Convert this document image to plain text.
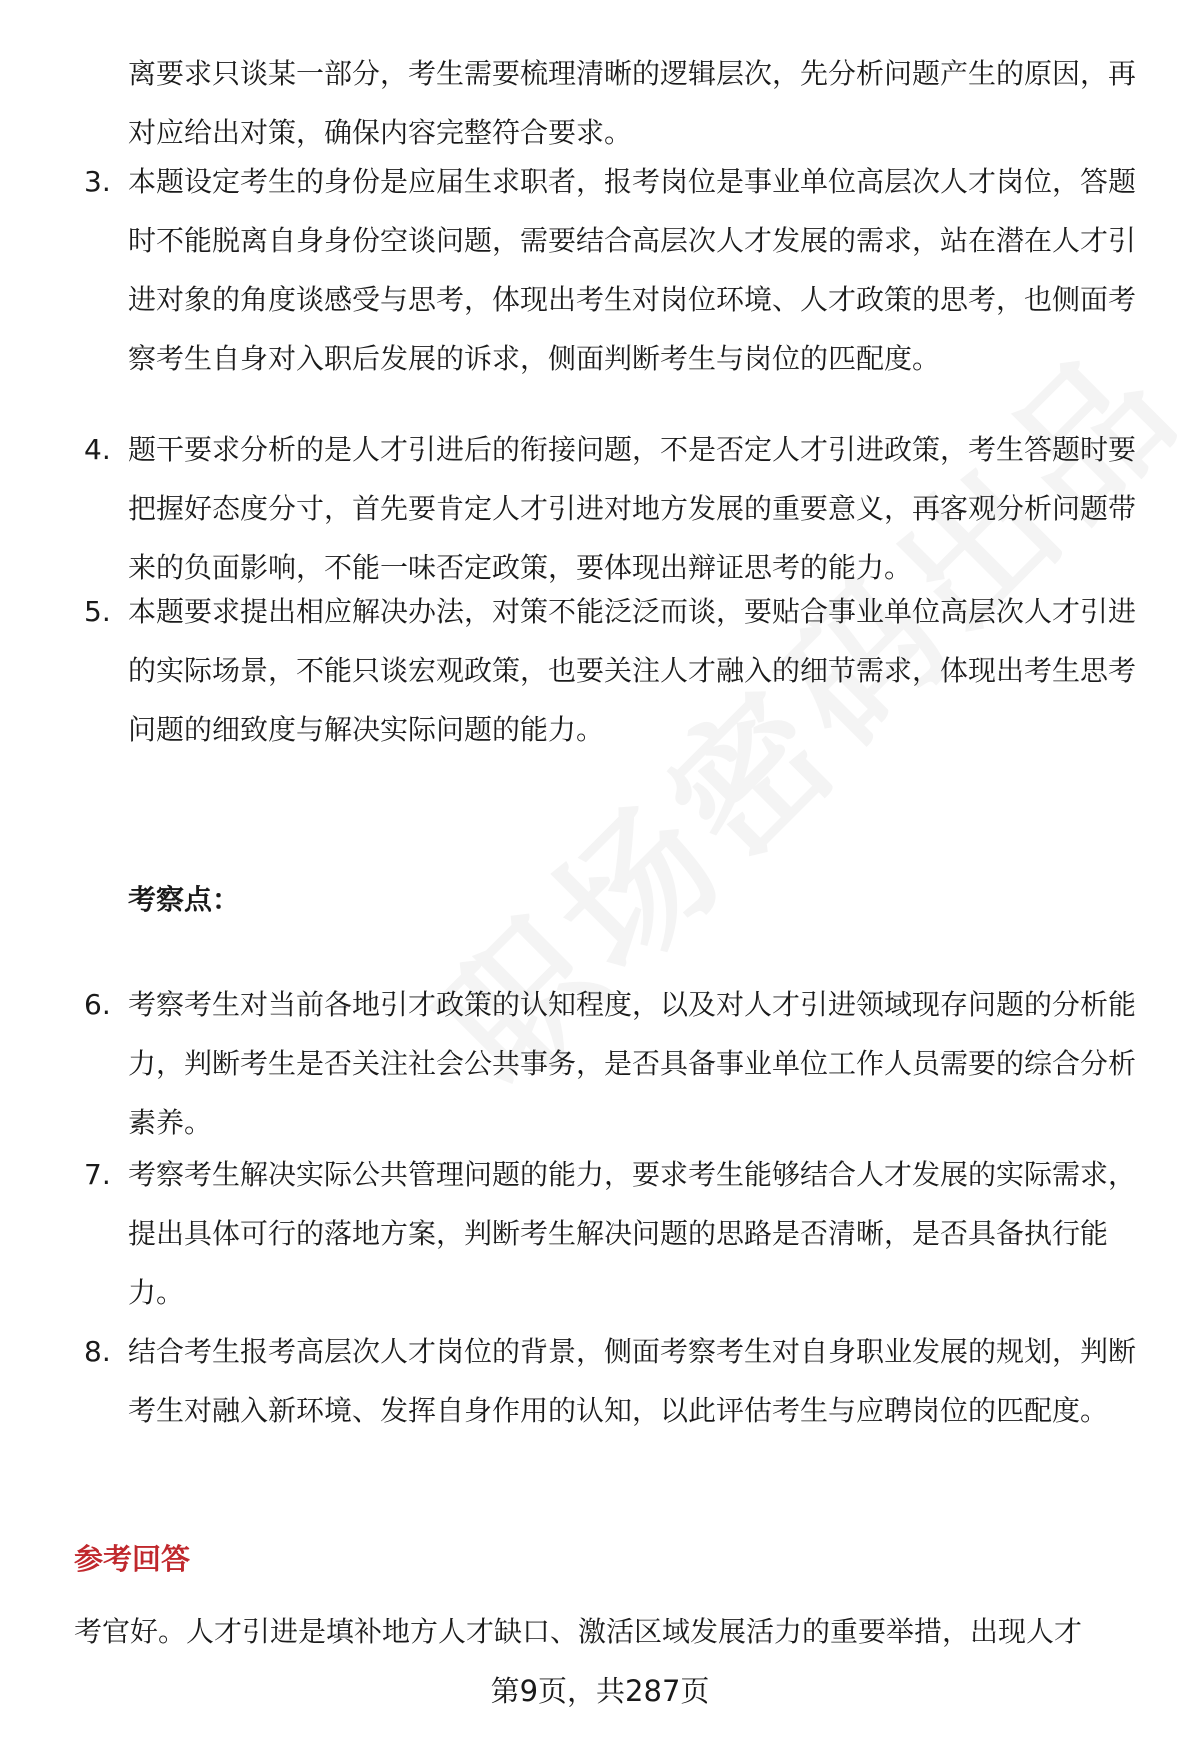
离要求只谈某一部分，考生需要梳理清晰的逻辑层次，先分析问题产生的原因，再对应给出对策，确保内容完整符合要求。

3. 本题设定考生的身份是应届生求职者，报考岗位是事业单位高层次人才岗位，答题时不能脱离自身身份空谈问题，需要结合高层次人才发展的需求，站在潜在人才引进对象的角度谈感受与思考，体现出考生对岗位环境、人才政策的思考，也侧面考察考生自身对入职后发展的诉求，侧面判断考生与岗位的匹配度。
4. 题干要求分析的是人才引进后的衔接问题，不是否定人才引进政策，考生答题时要把握好态度分寸，首先要肯定人才引进对地方发展的重要意义，再客观分析问题带来的负面影响，不能一味否定政策，要体现出辩证思考的能力。
5. 本题要求提出相应解决办法，对策不能泛泛而谈，要贴合事业单位高层次人才引进的实际场景，不能只谈宏观政策，也要关注人才融入的细节需求，体现出考生思考问题的细致度与解决实际问题的能力。
考察点：
6. 考察考生对当前各地引才政策的认知程度，以及对人才引进领域现存问题的分析能力，判断考生是否关注社会公共事务，是否具备事业单位工作人员需要的综合分析素养。
7. 考察考生解决实际公共管理问题的能力，要求考生能够结合人才发展的实际需求，提出具体可行的落地方案，判断考生解决问题的思路是否清晰，是否具备执行能力。
8. 结合考生报考高层次人才岗位的背景，侧面考察考生对自身职业发展的规划，判断考生对融入新环境、发挥自身作用的认知，以此评估考生与应聘岗位的匹配度。
参考回答
考官好。人才引进是填补地方人才缺口、激活区域发展活力的重要举措，出现人才
第9页，共287页
